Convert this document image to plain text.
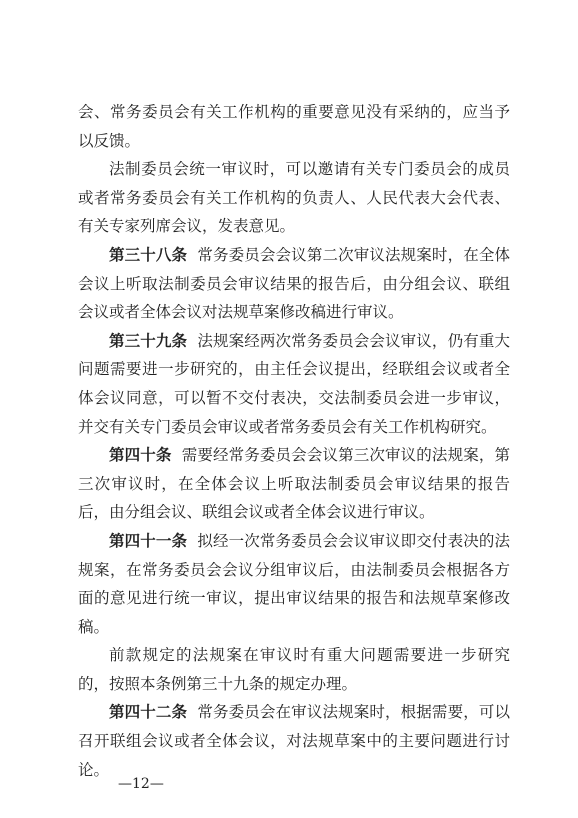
会、常务委员会有关工作机构的重要意见没有采纳的，应当予以反馈。

法制委员会统一审议时，可以邀请有关专门委员会的成员或者常务委员会有关工作机构的负责人、人民代表大会代表、有关专家列席会议，发表意见。

第三十八条 常务委员会会议第二次审议法规案时，在全体会议上听取法制委员会审议结果的报告后，由分组会议、联组会议或者全体会议对法规草案修改稿进行审议。

第三十九条 法规案经两次常务委员会会议审议，仍有重大问题需要进一步研究的，由主任会议提出，经联组会议或者全体会议同意，可以暂不交付表决，交法制委员会进一步审议，并交有关专门委员会审议或者常务委员会有关工作机构研究。

第四十条 需要经常务委员会会议第三次审议的法规案，第三次审议时，在全体会议上听取法制委员会审议结果的报告后，由分组会议、联组会议或者全体会议进行审议。

第四十一条 拟经一次常务委员会会议审议即交付表决的法规案，在常务委员会会议分组审议后，由法制委员会根据各方面的意见进行统一审议，提出审议结果的报告和法规草案修改稿。

前款规定的法规案在审议时有重大问题需要进一步研究的，按照本条例第三十九条的规定办理。

第四十二条 常务委员会在审议法规案时，根据需要，可以召开联组会议或者全体会议，对法规草案中的主要问题进行讨论。

—12—
